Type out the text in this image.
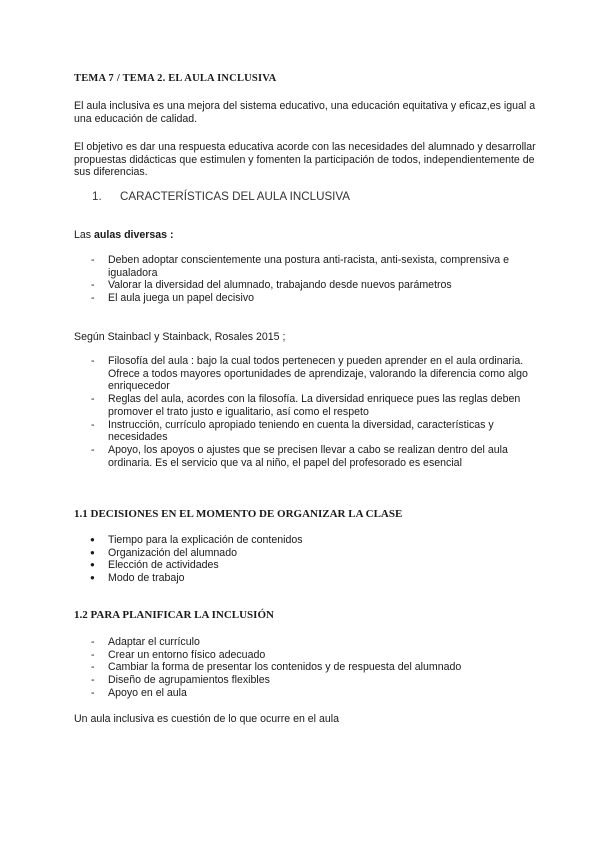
TEMA 7 / TEMA 2. EL AULA INCLUSIVA
El aula inclusiva es una mejora del sistema educativo, una educación equitativa y eficaz,es igual a una educación de calidad.
El objetivo es dar una respuesta educativa acorde con las necesidades del alumnado y desarrollar propuestas didácticas que estimulen y fomenten la participación de todos, independientemente de sus diferencias.
1. CARACTERÍSTICAS DEL AULA INCLUSIVA
Las aulas diversas :
- Deben adoptar conscientemente una postura anti-racista, anti-sexista, comprensiva e igualadora
- Valorar la diversidad del alumnado, trabajando desde nuevos parámetros
- El aula juega un papel decisivo
Según Stainbacl y Stainback, Rosales 2015 ;
- Filosofía del aula : bajo la cual todos pertenecen y pueden aprender en el aula ordinaria. Ofrece a todos mayores oportunidades de aprendizaje, valorando la diferencia como algo enriquecedor
- Reglas del aula, acordes con la filosofía. La diversidad enriquece pues las reglas deben promover el trato justo e igualitario, así como el respeto
- Instrucción, currículo apropiado teniendo en cuenta la diversidad, características y necesidades
- Apoyo, los apoyos o ajustes que se precisen llevar a cabo se realizan dentro del aula ordinaria. Es el servicio que va al niño, el papel del profesorado es esencial
1.1 DECISIONES EN EL MOMENTO DE ORGANIZAR LA CLASE
● Tiempo para la explicación de contenidos
● Organización del alumnado
● Elección de actividades
● Modo de trabajo
1.2 PARA PLANIFICAR LA INCLUSIÓN
- Adaptar el currículo
- Crear un entorno físico adecuado
- Cambiar la forma de presentar los contenidos y de respuesta del alumnado
- Diseño de agrupamientos flexibles
- Apoyo en el aula
Un aula inclusiva es cuestión de lo que ocurre en el aula
